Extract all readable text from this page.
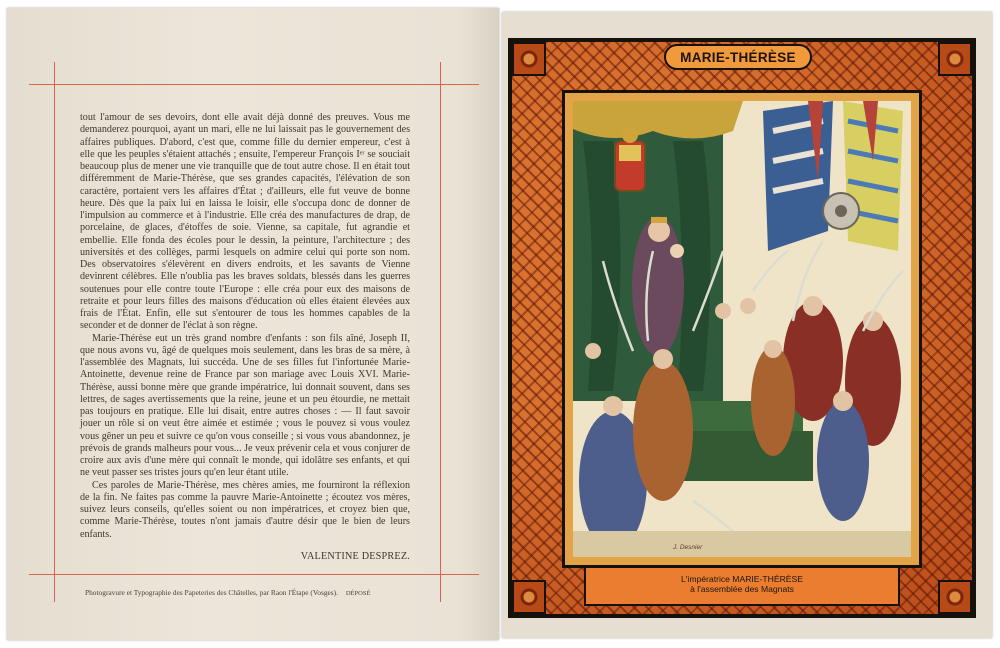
tout l'amour de ses devoirs, dont elle avait déjà donné des preuves. Vous me demanderez pourquoi, ayant un mari, elle ne lui laissait pas le gouvernement des affaires publiques. D'abord, c'est que, comme fille du dernier empereur, c'est à elle que les peuples s'étaient attachés ; ensuite, l'empereur François Iᵉʳ se souciait beaucoup plus de mener une vie tranquille que de tout autre chose. Il en était tout différemment de Marie-Thérèse, que ses grandes capacités, l'élévation de son caractère, portaient vers les affaires d'État ; d'ailleurs, elle fut veuve de bonne heure. Dès que la paix lui en laissa le loisir, elle s'occupa donc de donner de l'impulsion au commerce et à l'industrie. Elle créa des manufactures de drap, de porcelaine, de glaces, d'étoffes de soie. Vienne, sa capitale, fut agrandie et embellie. Elle fonda des écoles pour le dessin, la peinture, l'architecture ; des universités et des collèges, parmi lesquels on admire celui qui porte son nom. Des observatoires s'élevèrent en divers endroits, et les savants de Vienne devinrent célèbres. Elle n'oublia pas les braves soldats, blessés dans les guerres soutenues pour elle contre toute l'Europe : elle créa pour eux des maisons de retraite et pour leurs filles des maisons d'éducation où elles étaient élevées aux frais de l'État. Enfin, elle sut s'entourer de tous les hommes capables de la seconder et de donner de l'éclat à son règne.

Marie-Thérèse eut un très grand nombre d'enfants : son fils aîné, Joseph II, que nous avons vu, âgé de quelques mois seulement, dans les bras de sa mère, à l'assemblée des Magnats, lui succéda. Une de ses filles fut l'infortunée Marie-Antoinette, devenue reine de France par son mariage avec Louis XVI. Marie-Thérèse, aussi bonne mère que grande impératrice, lui donnait souvent, dans ses lettres, de sages avertissements que la reine, jeune et un peu étourdie, ne mettait pas toujours en pratique. Elle lui disait, entre autres choses : — Il faut savoir jouer un rôle si on veut être aimée et estimée ; vous le pouvez si vous voulez vous gêner un peu et suivre ce qu'on vous conseille ; si vous vous abandonnez, je prévois de grands malheurs pour vous... Je veux prévenir cela et vous conjurer de croire aux avis d'une mère qui connaît le monde, qui idolâtre ses enfants, et qui ne veut passer ses tristes jours qu'en leur étant utile.

Ces paroles de Marie-Thérèse, mes chères amies, me fourniront la réflexion de la fin. Ne faites pas comme la pauvre Marie-Antoinette ; écoutez vos mères, suivez leurs conseils, qu'elles soient ou non impératrices, et croyez bien que, comme Marie-Thérèse, toutes n'ont jamais d'autre désir que le bien de leurs enfants.

VALENTINE DESPREZ.
Photogravure et Typographie des Papeteries des Châtelles, par Raon l'Étape (Vosges). DÉPOSÉ
MARIE-THÉRÈSE
J. Desnier
L'impératrice MARIE-THÉRÈSE
à l'assemblée des Magnats
